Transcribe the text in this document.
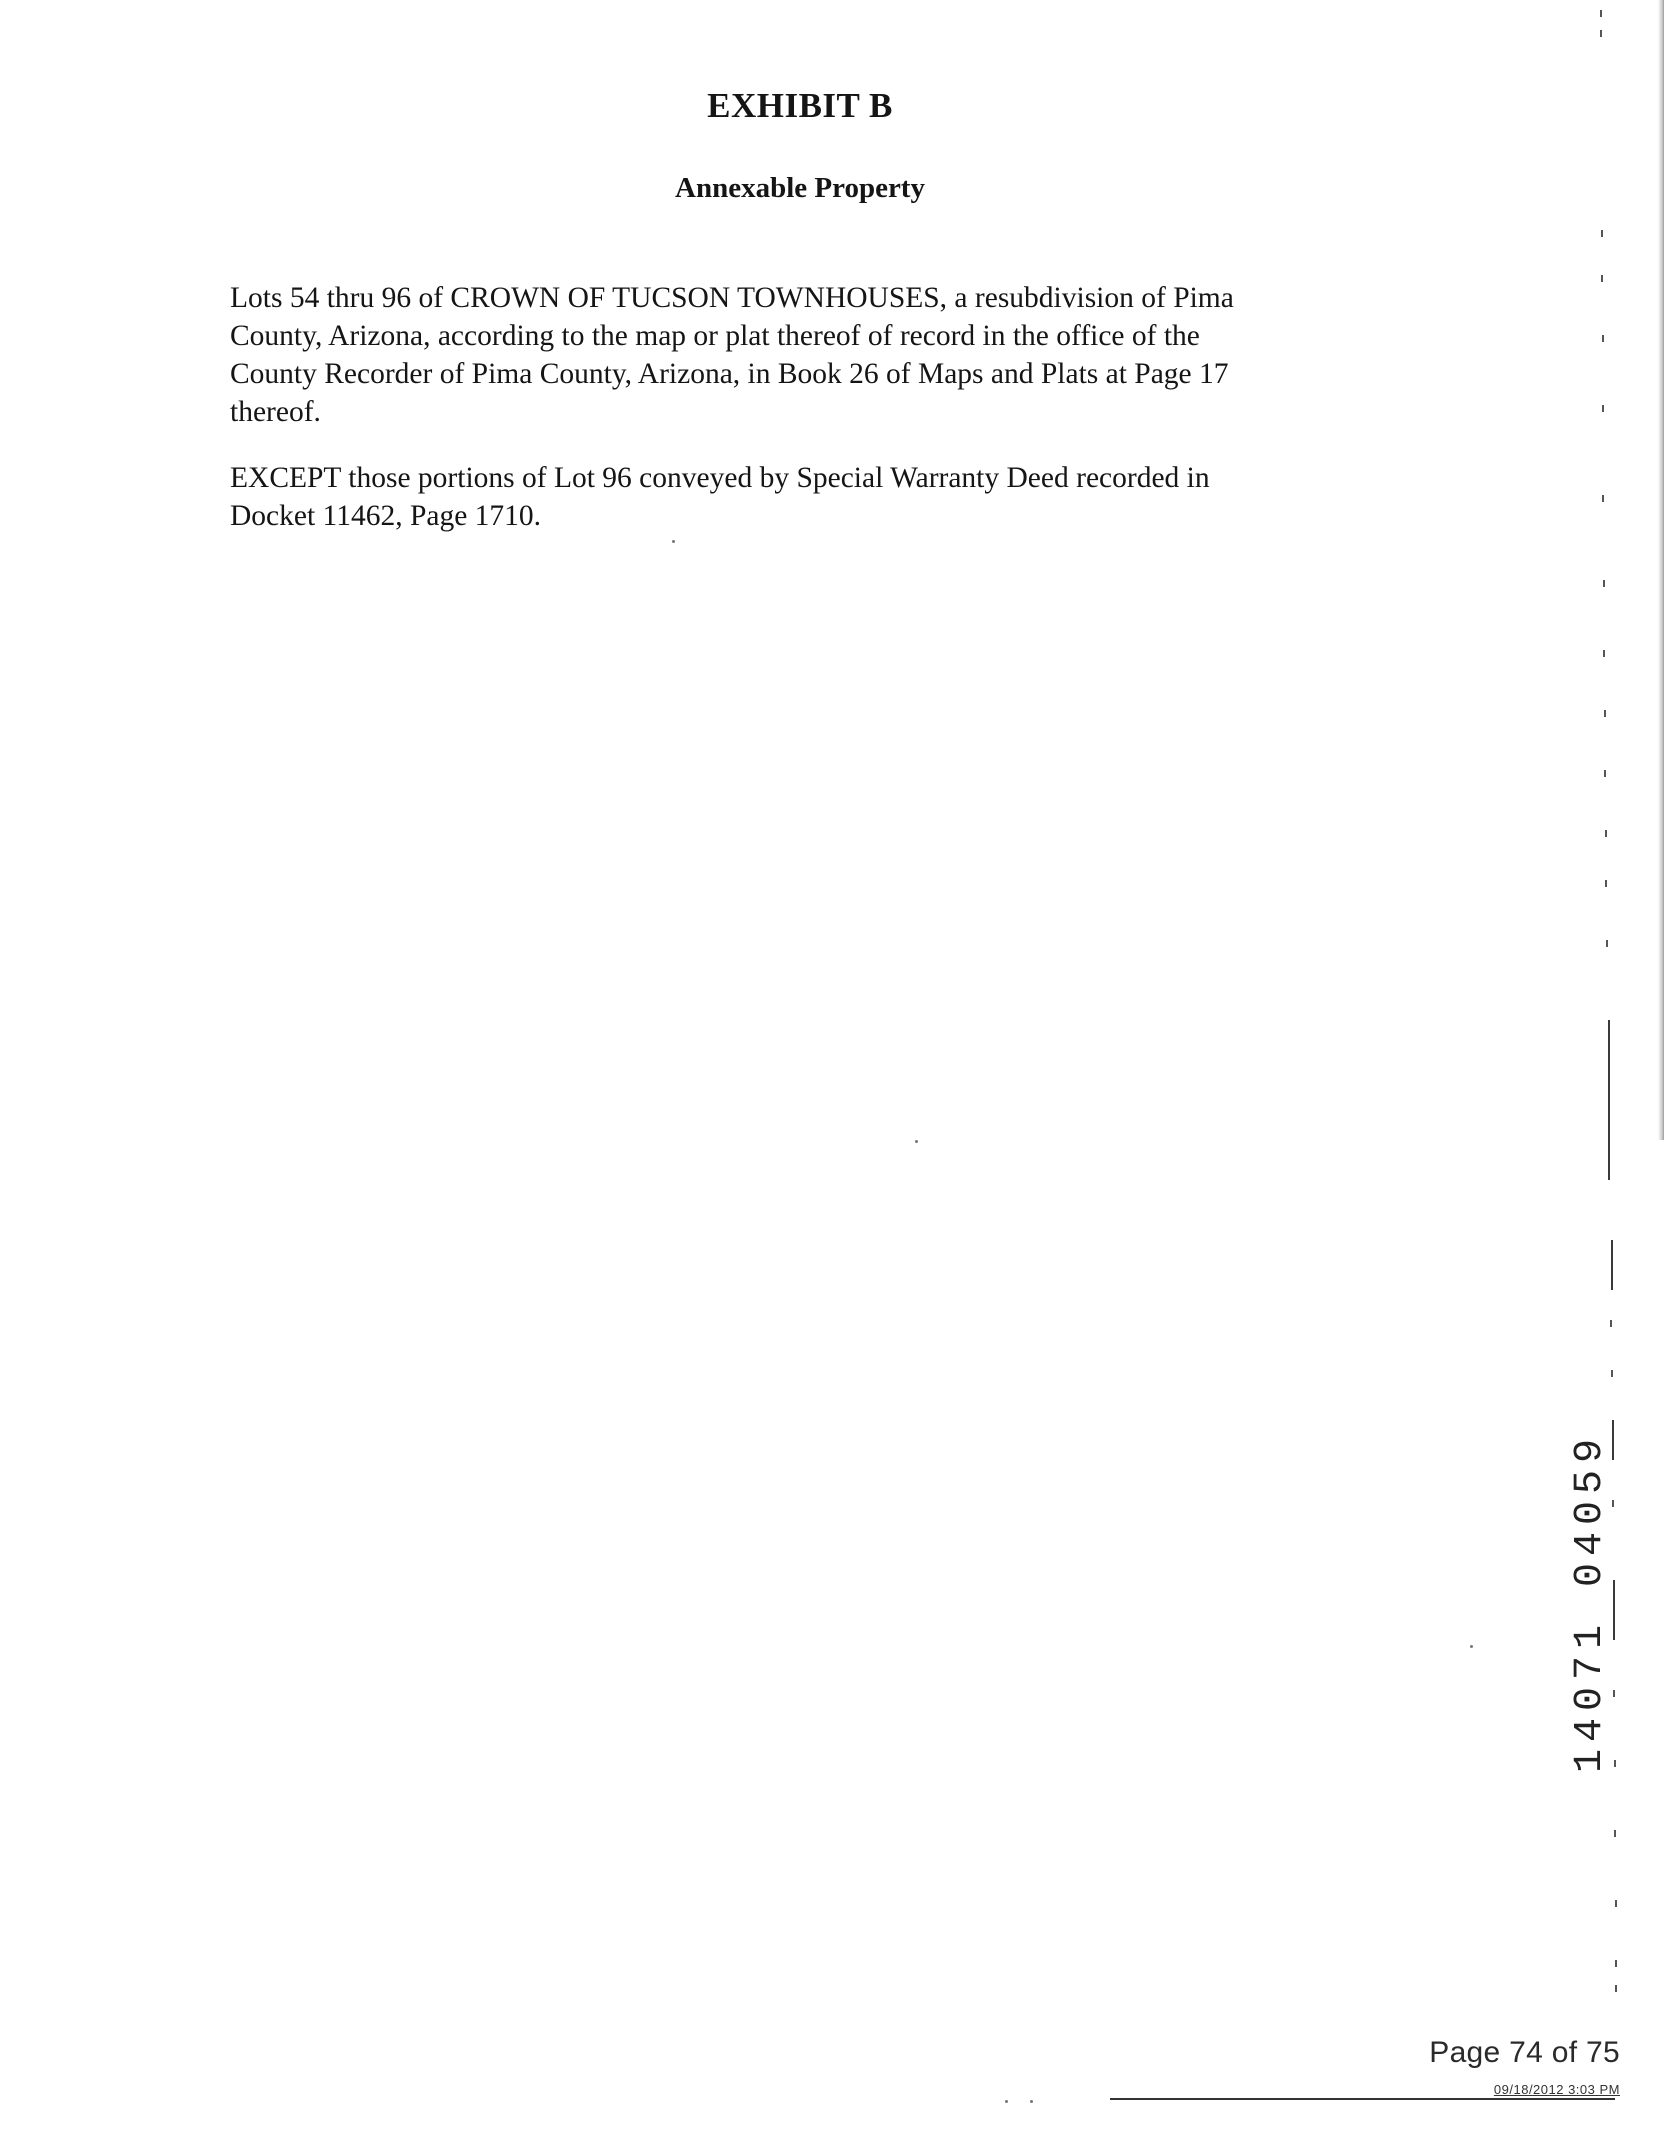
EXHIBIT B
Annexable Property

Lots 54 thru 96 of CROWN OF TUCSON TOWNHOUSES, a resubdivision of Pima
County, Arizona, according to the map or plat thereof of record in the office of the
County Recorder of Pima County, Arizona, in Book 26 of Maps and Plats at Page 17
thereof.

EXCEPT those portions of Lot 96 conveyed by Special Warranty Deed recorded in
Docket 11462, Page 1710.

14071 04059
Page 74 of 75
09/18/2012 3:03 PM
